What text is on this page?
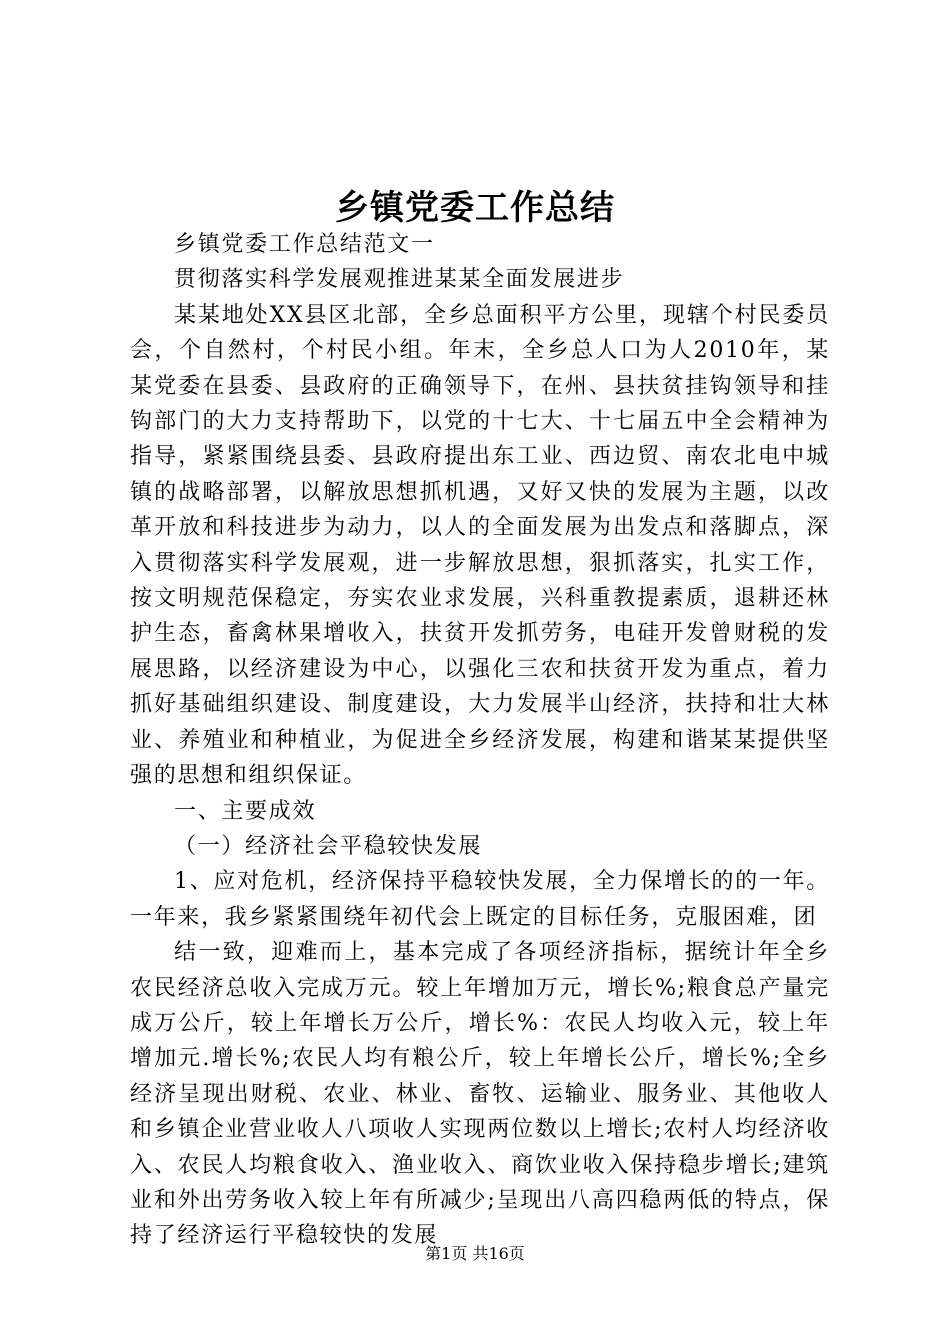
乡镇党委工作总结

乡镇党委工作总结范文一

贯彻落实科学发展观推进某某全面发展进步

某某地处XX县区北部，全乡总面积平方公里，现辖个村民委员会，个自然村，个村民小组。年末，全乡总人口为人2010年，某某党委在县委、县政府的正确领导下，在州、县扶贫挂钩领导和挂钩部门的大力支持帮助下，以党的十七大、十七届五中全会精神为指导，紧紧围绕县委、县政府提出东工业、西边贸、南农北电中城镇的战略部署，以解放思想抓机遇，又好又快的发展为主题，以改革开放和科技进步为动力，以人的全面发展为出发点和落脚点，深入贯彻落实科学发展观，进一步解放思想，狠抓落实，扎实工作，按文明规范保稳定，夯实农业求发展，兴科重教提素质，退耕还林护生态，畜禽林果增收入，扶贫开发抓劳务，电硅开发曾财税的发展思路，以经济建设为中心，以强化三农和扶贫开发为重点，着力抓好基础组织建设、制度建设，大力发展半山经济，扶持和壮大林业、养殖业和种植业，为促进全乡经济发展，构建和谐某某提供坚强的思想和组织保证。

一、主要成效

（一）经济社会平稳较快发展

1、应对危机，经济保持平稳较快发展，全力保增长的的一年。一年来，我乡紧紧围绕年初代会上既定的目标任务，克服困难，团

结一致，迎难而上，基本完成了各项经济指标，据统计年全乡农民经济总收入完成万元。较上年增加万元，增长%;粮食总产量完成万公斤，较上年增长万公斤，增长%：农民人均收入元，较上年增加元.增长%;农民人均有粮公斤，较上年增长公斤，增长%;全乡经济呈现出财税、农业、林业、畜牧、运输业、服务业、其他收人和乡镇企业营业收人八项收人实现两位数以上增长;农村人均经济收入、农民人均粮食收入、渔业收入、商饮业收入保持稳步增长;建筑业和外出劳务收入较上年有所减少;呈现出八高四稳两低的特点，保持了经济运行平稳较快的发展

第1页 共16页
